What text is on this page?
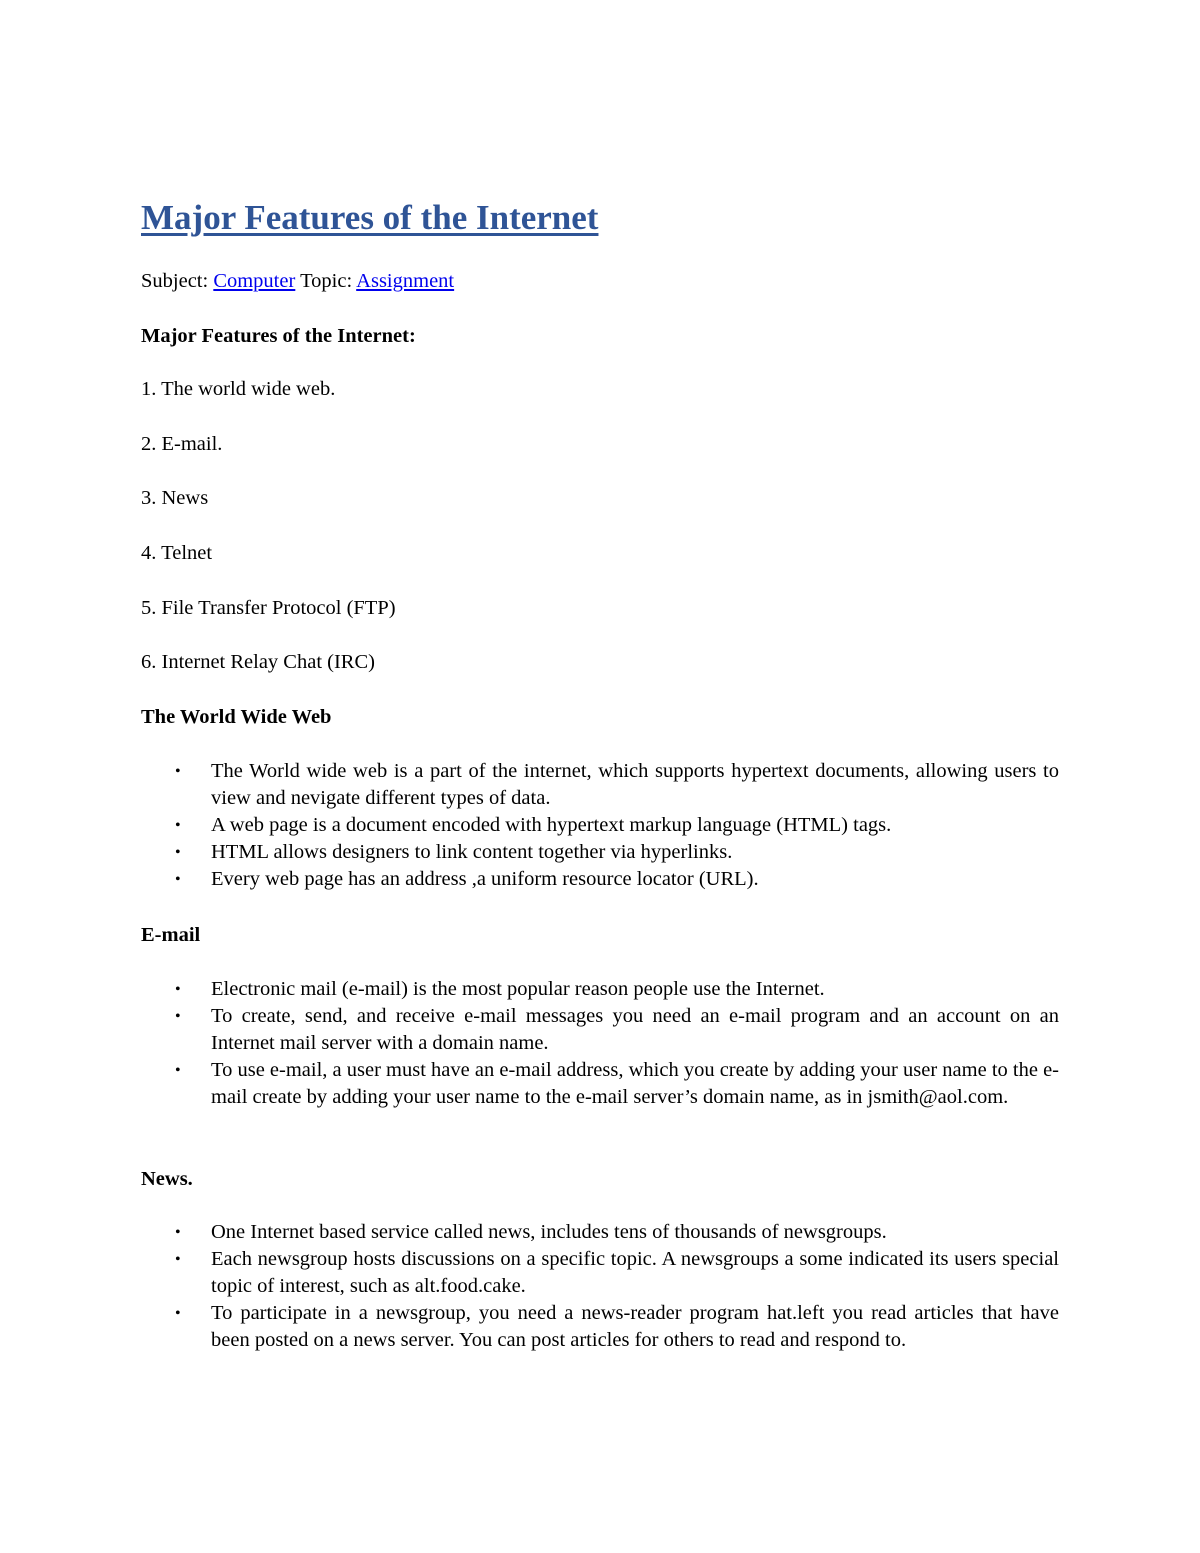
Major Features of the Internet
Subject: Computer Topic: Assignment
Major Features of the Internet:
1. The world wide web.
2. E-mail.
3. News
4. Telnet
5. File Transfer Protocol (FTP)
6. Internet Relay Chat (IRC)
The World Wide Web
• The World wide web is a part of the internet, which supports hypertext documents, allowing users to view and nevigate different types of data.
• A web page is a document encoded with hypertext markup language (HTML) tags.
• HTML allows designers to link content together via hyperlinks.
• Every web page has an address ,a uniform resource locator (URL).
E-mail
• Electronic mail (e-mail) is the most popular reason people use the Internet.
• To create, send, and receive e-mail messages you need an e-mail program and an account on an Internet mail server with a domain name.
• To use e-mail, a user must have an e-mail address, which you create by adding your user name to the e-mail create by adding your user name to the e-mail server’s domain name, as in jsmith@aol.com.
News.
• One Internet based service called news, includes tens of thousands of newsgroups.
• Each newsgroup hosts discussions on a specific topic. A newsgroups a some indicated its users special topic of interest, such as alt.food.cake.
• To participate in a newsgroup, you need a news-reader program hat.left you read articles that have been posted on a news server. You can post articles for others to read and respond to.
